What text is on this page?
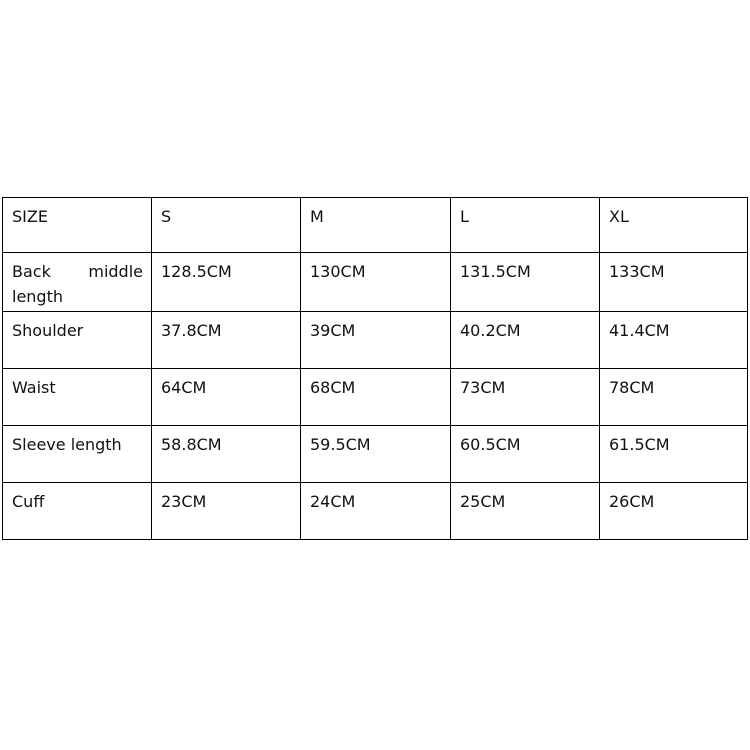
SIZE	S	M	L	XL

Back middle
length	128.5CM	130CM	131.5CM	133CM
Shoulder	37.8CM	39CM	40.2CM	41.4CM
Waist	64CM	68CM	73CM	78CM
Sleeve length	58.8CM	59.5CM	60.5CM	61.5CM
Cuff	23CM	24CM	25CM	26CM
